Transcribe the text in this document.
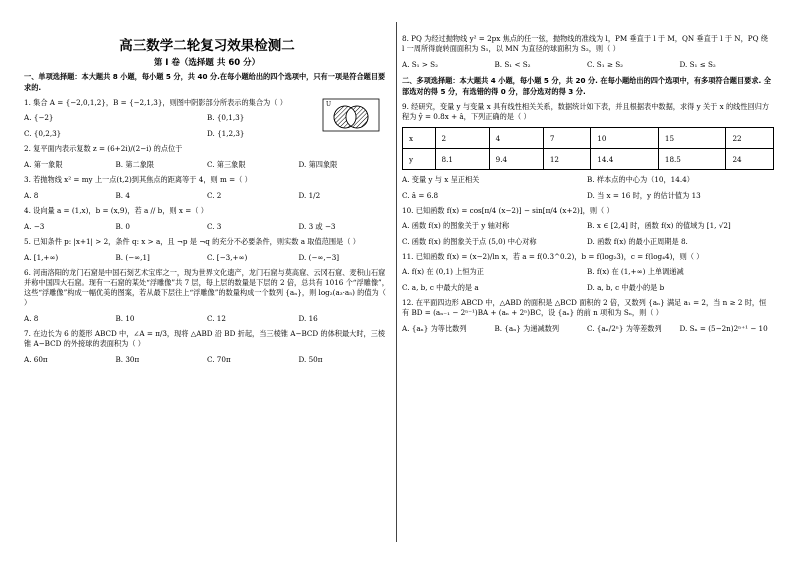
高三数学二轮复习效果检测二
第 I 卷（选择题 共 60 分）
一、单项选择题：本大题共 8 小题，每小题 5 分，共 40 分.在每小题给出的四个选项中，只有一项是符合题目要求的.
1. 集合 A = {−2,0,1,2}，B = {−2,1,3}，则图中阴影部分所表示的集合为（ ）	U
A. {−2}	B. {0,1,3}
C. {0,2,3}	D. {1,2,3}
2. 复平面内表示复数 z = (6+2i)/(2−i) 的点位于
A. 第一象限	B. 第二象限	C. 第三象限	D. 第四象限
3. 若抛物线 x² = my 上一点(t,2)到其焦点的距离等于 4，则 m =（ ）
A. 8	B. 4	C. 2	D. 1/2
4. 设向量 a = (1,x)，b = (x,9)，若 a // b，则 x =（ ）
A. −3	B. 0	C. 3	D. 3 或 −3
5. 已知条件 p: |x+1| > 2，条件 q: x > a，且 ¬p 是 ¬q 的充分不必要条件，则实数 a 取值范围是（ ）
A. [1,+∞)	B. (−∞,1]	C. [−3,+∞)	D. (−∞,−3]
6. 河南洛阳的龙门石窟是中国石刻艺术宝库之一，现为世界文化遗产，龙门石窟与莫高窟、云冈石窟、麦积山石窟并称中国四大石窟。现有一石窟的某处“浮雕像”共 7 层，每上层的数量是下层的 2 倍，总共有 1016 个“浮雕像”，这些“浮雕像”构成一幅优美的图案，若从最下层往上“浮雕像”的数量构成一个数列 {aₙ}，则 log₂(a₃·a₅) 的值为（ ）
A. 8	B. 10	C. 12	D. 16
7. 在边长为 6 的菱形 ABCD 中，∠A = π/3，现将 △ABD 沿 BD 折起，当三棱锥 A−BCD 的体积最大时，三棱锥 A−BCD 的外接球的表面积为（ ）
A. 60π	B. 30π	C. 70π	D. 50π
8. PQ 为经过抛物线 y² = 2px 焦点的任一弦，抛物线的准线为 l，PM 垂直于 l 于 M，QN 垂直于 l 于 N，PQ 绕 l 一周所得旋转面面积为 S₁，以 MN 为直径的球面积为 S₂，则（ ）
A. S₁ > S₂	B. S₁ < S₂	C. S₁ ≥ S₂	D. S₁ ≤ S₂
二、多项选择题：本大题共 4 小题，每小题 5 分，共 20 分. 在每小题给出的四个选项中，有多项符合题目要求. 全部选对的得 5 分，有选错的得 0 分，部分选对的得 3 分.
9. 经研究，变量 y 与变量 x 具有线性相关关系，数据统计如下表，并且根据表中数据，求得 y 关于 x 的线性回归方程为 ŷ = 0.8x + â，下列正确的是（ ）
x	2	4	7	10	15	22
y	8.1	9.4	12	14.4	18.5	24
A. 变量 y 与 x 呈正相关	B. 样本点的中心为（10，14.4）
C. â = 6.8	D. 当 x = 16 时，y 的估计值为 13
10. 已知函数 f(x) = cos[π/4 (x−2)] − sin[π/4 (x+2)]，则（ ）
A. 函数 f(x) 的图象关于 y 轴对称	B. x ∈ [2,4] 时，函数 f(x) 的值域为 [1, √2]
C. 函数 f(x) 的图象关于点 (5,0) 中心对称	D. 函数 f(x) 的最小正周期是 8.
11. 已知函数 f(x) = (x−2)/ln x，若 a = f(0.3^0.2)，b = f(log₂3)，c = f(log₄4)，则（ ）
A. f(x) 在 (0,1) 上恒为正	B. f(x) 在 (1,+∞) 上单调递减
C. a, b, c 中最大的是 a	D. a, b, c 中最小的是 b
12. 在平面四边形 ABCD 中，△ABD 的面积是 △BCD 面积的 2 倍，又数列 {aₙ} 满足 a₁ = 2，当 n ≥ 2 时，恒有 BD = (aₙ₋₁ − 2ⁿ⁻¹)BA + (aₙ + 2ⁿ)BC，设 {aₙ} 的前 n 项和为 Sₙ，则（ ）
A. {aₙ} 为等比数列	B. {aₙ} 为递减数列	C. {aₙ/2ⁿ} 为等差数列	D. Sₙ = (5−2n)2ⁿ⁺¹ − 10
